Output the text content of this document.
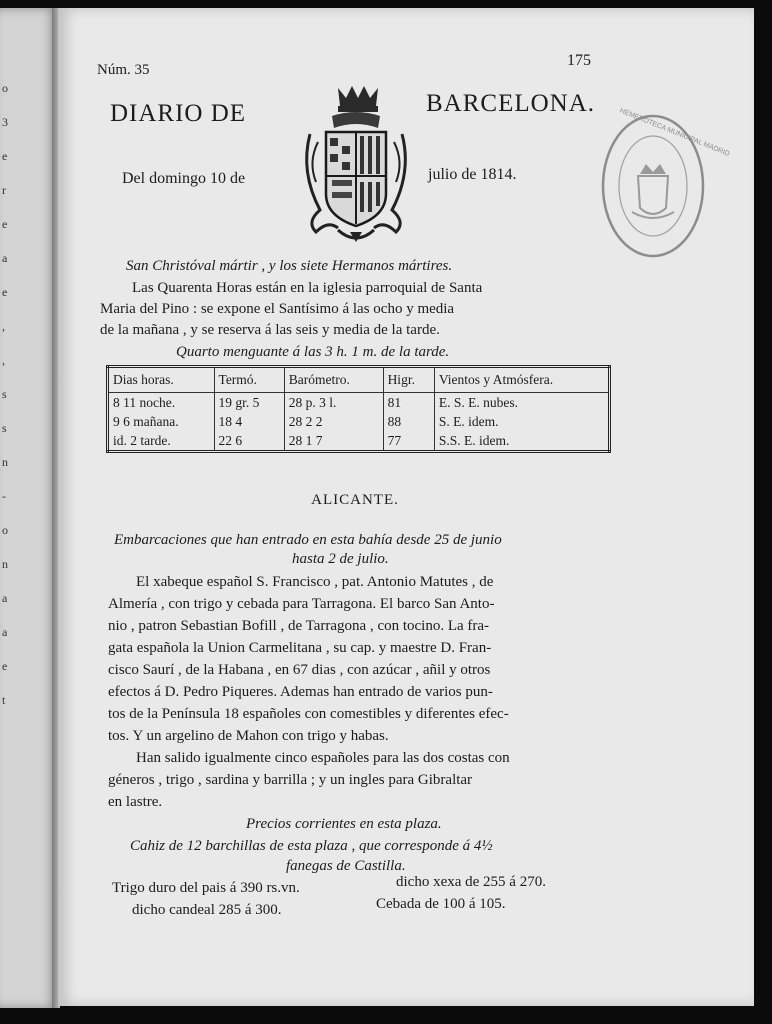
o
3
e
r
e
a
e
,
,
s
s
n
-
o
n
a
a
e
t
Núm. 35
175
DIARIO DE	BARCELONA.
Del domingo 10 de	julio de 1814.
HEMEROTECA MUNICIPAL MADRID
San Christóval mártir , y los siete Hermanos mártires.
Las Quarenta Horas están en la iglesia parroquial de Santa
Maria del Pino : se expone el Santísimo á las ocho y media
de la mañana , y se reserva á las seis y media de la tarde.
Quarto menguante á las 3 h. 1 m. de la tarde.
Dias horas.	Termó.	Barómetro.	Higr.	Vientos y Atmósfera.
8 11 noche.	19 gr. 5	28 p. 3 l.	81	E. S. E. nubes.
9 6 mañana.	18 4	28 2 2	88	S. E. idem.
id. 2 tarde.	22 6	28 1 7	77	S.S. E. idem.
ALICANTE.
Embarcaciones que han entrado en esta bahía desde 25 de junio
hasta 2 de julio.
El xabeque español S. Francisco , pat. Antonio Matutes , de
Almería , con trigo y cebada para Tarragona. El barco San Anto-
nio , patron Sebastian Bofill , de Tarragona , con tocino. La fra-
gata española la Union Carmelitana , su cap. y maestre D. Fran-
cisco Saurí , de la Habana , en 67 dias , con azúcar , añil y otros
efectos á D. Pedro Piqueres. Ademas han entrado de varios pun-
tos de la Península 18 españoles con comestibles y diferentes efec-
tos. Y un argelino de Mahon con trigo y habas.
Han salido igualmente cinco españoles para las dos costas con
géneros , trigo , sardina y barrilla ; y un ingles para Gibraltar
en lastre.
Precios corrientes en esta plaza.
Cahiz de 12 barchillas de esta plaza , que corresponde á 4½
fanegas de Castilla.
Trigo duro del pais á 390 rs.vn.	dicho xexa de 255 á 270.
dicho candeal 285 á 300.	Cebada de 100 á 105.
